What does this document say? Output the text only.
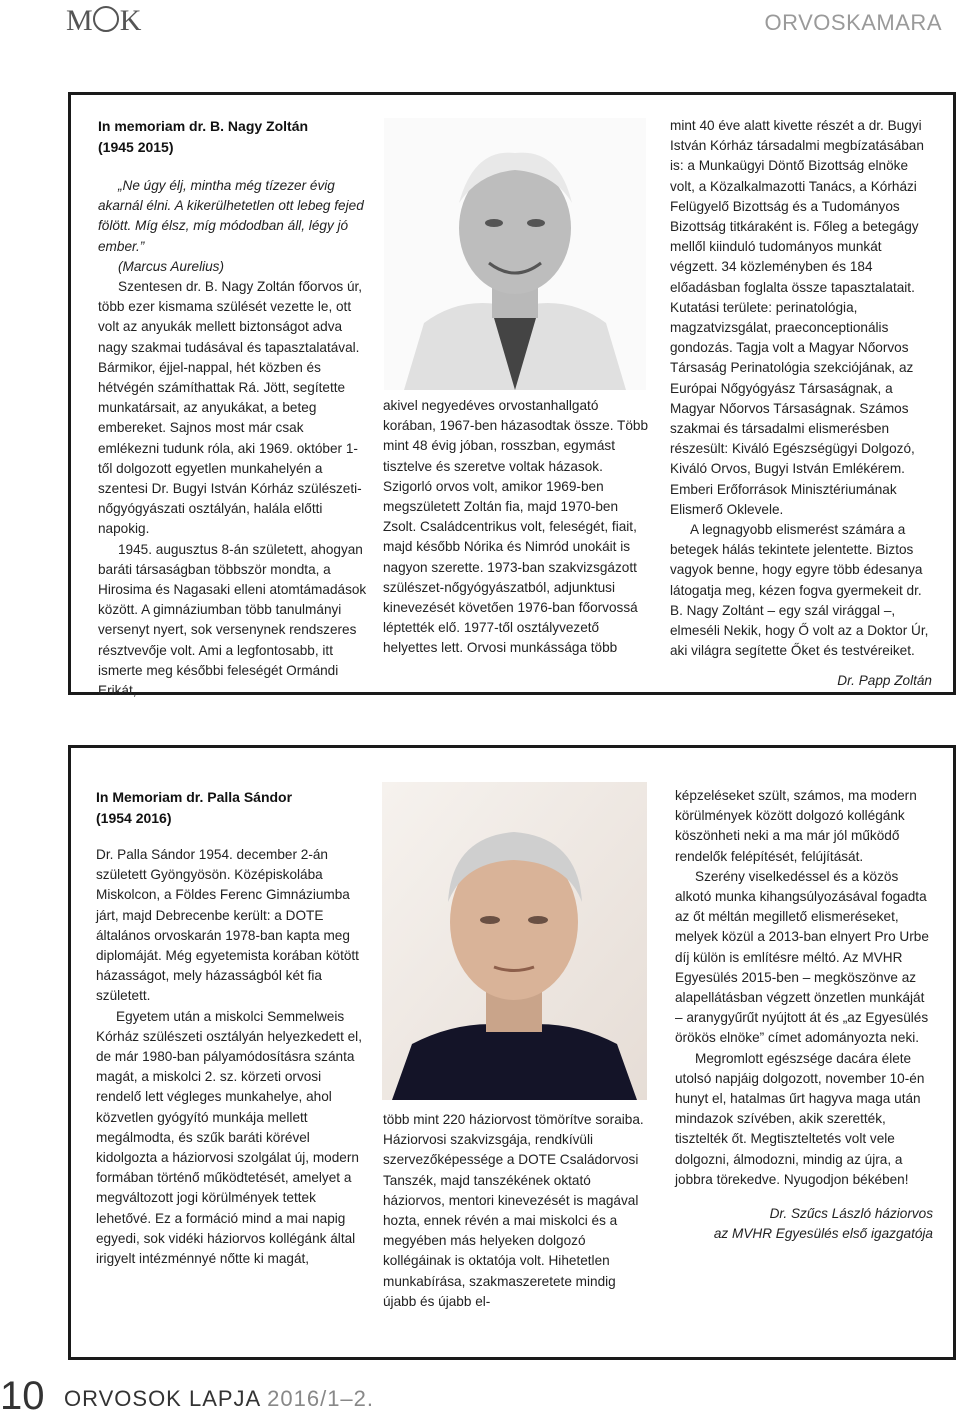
M K	ORVOSKAMARA

In memoriam dr. B. Nagy Zoltán

(1945 2015)

„Ne úgy élj, mintha még tízezer évig akarnál élni. A kikerülhetetlen ott lebeg fejed fölött. Míg élsz, míg módodban áll, légy jó ember.”

(Marcus Aurelius)

Szentesen dr. B. Nagy Zoltán főorvos úr, több ezer kismama szülését vezette le, ott volt az anyukák mellett biztonságot adva nagy szakmai tudásával és tapasztalatával. Bármikor, éjjel-nappal, hét közben és hétvégén számíthattak Rá. Jött, segítette munkatársait, az anyukákat, a beteg embereket. Sajnos most már csak emlékezni tudunk róla, aki 1969. október 1-től dolgozott egyetlen munkahelyén a szentesi Dr. Bugyi István Kórház szülészeti-nőgyógyászati osztályán, halála előtti napokig.

1945. augusztus 8-án született, ahogyan baráti társaságban többször mondta, a Hirosima és Nagasaki elleni atomtámadások között. A gimnáziumban több tanulmányi versenyt nyert, sok versenynek rendszeres résztvevője volt. Ami a legfontosabb, itt ismerte meg későbbi feleségét Ormándi Erikát,

akivel negyedéves orvostanhallgató korában, 1967-ben házasodtak össze. Több mint 48 évig jóban, rosszban, egymást tisztelve és szeretve voltak házasok. Szigorló orvos volt, amikor 1969-ben megszületett Zoltán fia, majd 1970-ben Zsolt. Családcentrikus volt, feleségét, fiait, majd később Nórika és Nimród unokáit is nagyon szerette. 1973-ban szakvizsgázott szülészet-nőgyógyászatból, adjunktusi kinevezését követően 1976-ban főorvossá léptették elő. 1977-től osztályvezető helyettes lett. Orvosi munkássága több

mint 40 éve alatt kivette részét a dr. Bugyi István Kórház társadalmi megbízatásában is: a Munkaügyi Döntő Bizottság elnöke volt, a Közalkalmazotti Tanács, a Kórházi Felügyelő Bizottság és a Tudományos Bizottság titkáraként is. Főleg a betegágy mellől kiinduló tudományos munkát végzett. 34 közleményben és 184 előadásban foglalta össze tapasztalatait. Kutatási területe: perinatológia, magzatvizsgálat, praeconceptionális gondozás. Tagja volt a Magyar Nőorvos Társaság Perinatológia szekciójának, az Európai Nőgyógyász Társaságnak, a Magyar Nőorvos Társaságnak. Számos szakmai és társadalmi elismerésben részesült: Kiváló Egészségügyi Dolgozó, Kiváló Orvos, Bugyi István Emlékérem. Emberi Erőforrások Minisztériumának Elismerő Oklevele.

A legnagyobb elismerést számára a betegek hálás tekintete jelentette. Biztos vagyok benne, hogy egyre több édesanya látogatja meg, kézen fogva gyermekeit dr. B. Nagy Zoltánt – egy szál virággal –, elmeséli Nekik, hogy Ő volt az a Doktor Úr, aki világra segítette Őket és testvéreiket.

Dr. Papp Zoltán

In Memoriam dr. Palla Sándor

(1954 2016)

Dr. Palla Sándor 1954. december 2-án született Gyöngyösön. Középiskolába Miskolcon, a Földes Ferenc Gimnáziumba járt, majd Debrecenbe került: a DOTE általános orvoskarán 1978-ban kapta meg diplomáját. Még egyetemista korában kötött házasságot, mely házasságból két fia született.

Egyetem után a miskolci Semmelweis Kórház szülészeti osztályán helyezkedett el, de már 1980-ban pályamódosításra szánta magát, a miskolci 2. sz. körzeti orvosi rendelő lett végleges munkahelye, ahol közvetlen gyógyító munkája mellett megálmodta, és szűk baráti körével kidolgozta a háziorvosi szolgálat új, modern formában történő működtetését, amelyet a megváltozott jogi körülmények tettek lehetővé. Ez a formáció mind a mai napig egyedi, sok vidéki háziorvos kollégánk által irigyelt intézménnyé nőtte ki magát,

több mint 220 háziorvost tömörítve soraiba. Háziorvosi szakvizsgája, rendkívüli szervezőképessége a DOTE Családorvosi Tanszék, majd tanszékének oktató háziorvos, mentori kinevezését is magával hozta, ennek révén a mai miskolci és a megyében más helyeken dolgozó kollégáinak is oktatója volt. Hihetetlen munkabírása, szakmaszeretete mindig újabb és újabb el-

képzeléseket szült, számos, ma modern körülmények között dolgozó kollégánk köszönheti neki a ma már jól működő rendelők felépítését, felújítását.

Szerény viselkedéssel és a közös alkotó munka kihangsúlyozásával fogadta az őt méltán megillető elismeréseket, melyek közül a 2013-ban elnyert Pro Urbe díj külön is említésre méltó. Az MVHR Egyesülés 2015-ben – megköszönve az alapellátásban végzett önzetlen munkáját – aranygyűrűt nyújtott át és „az Egyesülés örökös elnöke” címet adományozta neki.

Megromlott egészsége dacára élete utolsó napjáig dolgozott, november 10-én hunyt el, hatalmas űrt hagyva maga után mindazok szívében, akik szerették, tisztelték őt. Megtiszteltetés volt vele dolgozni, álmodozni, mindig az újra, a jobbra törekedve. Nyugodjon békében!

Dr. Szűcs László háziorvos

az MVHR Egyesülés első igazgatója

10 ORVOSOK LAPJA 2016/1–2.
